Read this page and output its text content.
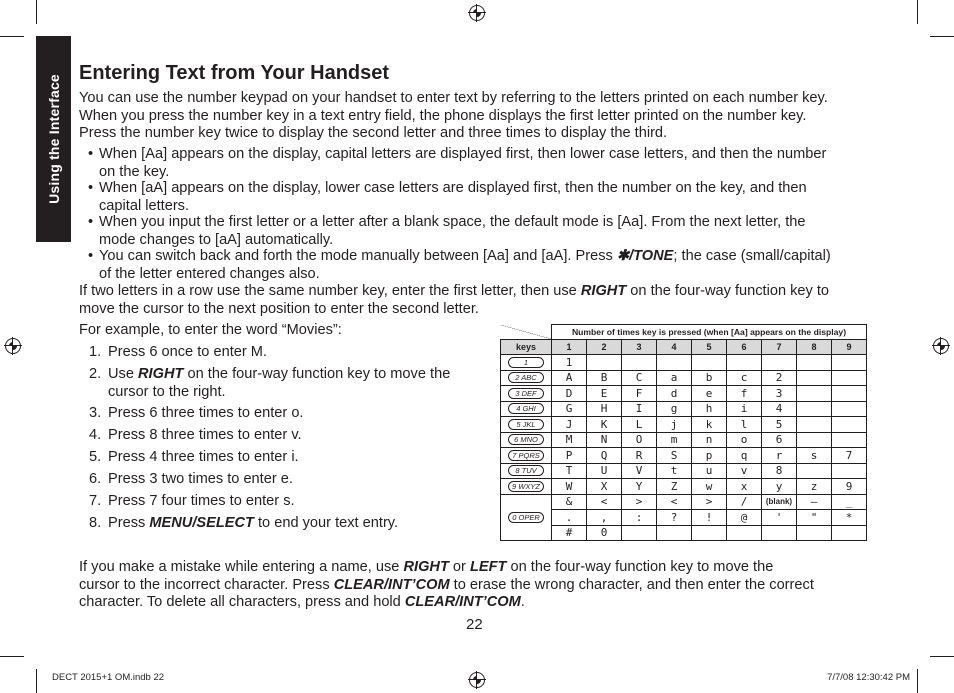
Using the Interface
Entering Text from Your Handset
You can use the number keypad on your handset to enter text by referring to the letters printed on each number key.
When you press the number key in a text entry field, the phone displays the first letter printed on the number key.
Press the number key twice to display the second letter and three times to display the third.
• When [Aa] appears on the display, capital letters are displayed first, then lower case letters, and then the number
on the key.
• When [aA] appears on the display, lower case letters are displayed first, then the number on the key, and then
capital letters.
• When you input the first letter or a letter after a blank space, the default mode is [Aa]. From the next letter, the
mode changes to [aA] automatically.
• You can switch back and forth the mode manually between [Aa] and [aA]. Press ✱/TONE; the case (small/capital)
of the letter entered changes also.
If two letters in a row use the same number key, enter the first letter, then use RIGHT on the four-way function key to
move the cursor to the next position to enter the second letter.
For example, to enter the word “Movies”:
1. Press 6 once to enter M.
2. Use RIGHT on the four-way function key to move the
cursor to the right.
3. Press 6 three times to enter o.
4. Press 8 three times to enter v.
5. Press 4 three times to enter i.
6. Press 3 two times to enter e.
7. Press 7 four times to enter s.
8. Press MENU/SELECT to end your text entry.
	Number of times key is pressed (when [Aa] appears on the display)								
keys	1	2	3	4	5	6	7	8	9
1	1								
2 ABC	A	B	C	a	b	c	2		
3 DEF	D	E	F	d	e	f	3		
4 GHI	G	H	I	g	h	i	4		
5 JKL	J	K	L	j	k	l	5		
6 MNO	M	N	O	m	n	o	6		
7 PQRS	P	Q	R	S	p	q	r	s	7
8 TUV	T	U	V	t	u	v	8		
9 WXYZ	W	X	Y	Z	w	x	y	z	9
0 OPER	&	<	>	<	>	/	(blank)	–	_
	.	,	:	?	!	@	'	"	*
	#	0							
If you make a mistake while entering a name, use RIGHT or LEFT on the four-way function key to move the
cursor to the incorrect character. Press CLEAR/INT’COM to erase the wrong character, and then enter the correct
character. To delete all characters, press and hold CLEAR/INT’COM.
22
DECT 2015+1 OM.indb 22	7/7/08 12:30:42 PM
